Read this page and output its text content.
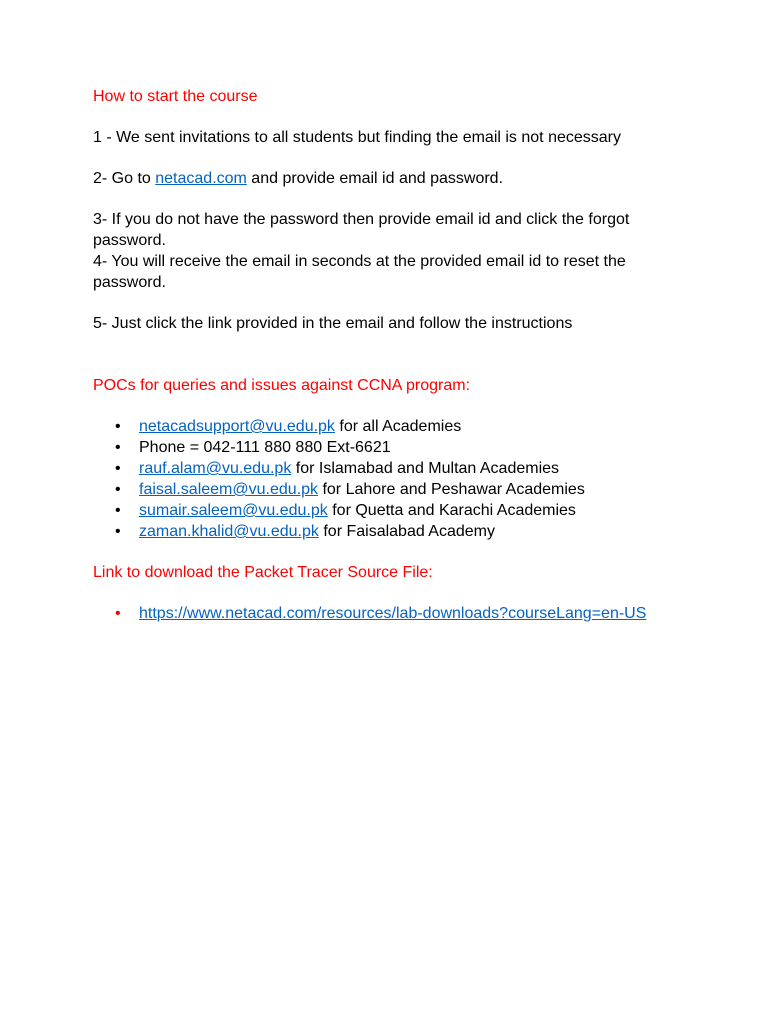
How to start the course

1 - We sent invitations to all students but finding the email is not necessary

2- Go to netacad.com and provide email id and password.

3- If you do not have the password then provide email id and click the forgot password.

4- You will receive the email in seconds at the provided email id to reset the password.

5- Just click the link provided in the email and follow the instructions

POCs for queries and issues against CCNA program:

• netacadsupport@vu.edu.pk for all Academies
• Phone = 042-111 880 880 Ext-6621
• rauf.alam@vu.edu.pk for Islamabad and Multan Academies
• faisal.saleem@vu.edu.pk for Lahore and Peshawar Academies
• sumair.saleem@vu.edu.pk for Quetta and Karachi Academies
• zaman.khalid@vu.edu.pk for Faisalabad Academy

Link to download the Packet Tracer Source File:

• https://www.netacad.com/resources/lab-downloads?courseLang=en-US
